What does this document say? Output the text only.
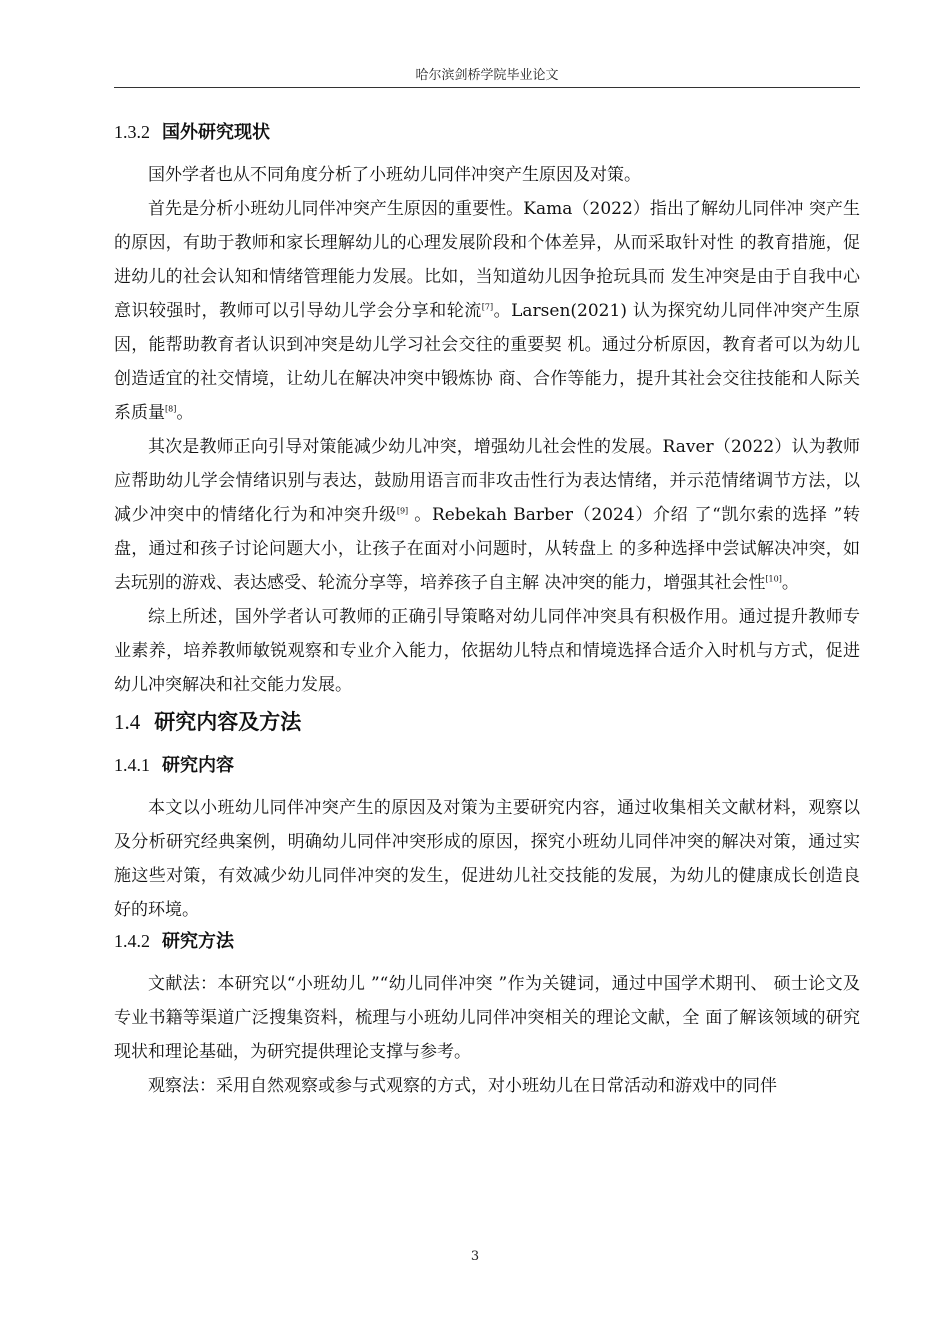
哈尔滨剑桥学院毕业论文
1.3.2 国外研究现状

国外学者也从不同角度分析了小班幼儿同伴冲突产生原因及对策。

首先是分析小班幼儿同伴冲突产生原因的重要性。Kama（2022）指出了解幼儿同伴冲 突产生的原因，有助于教师和家长理解幼儿的心理发展阶段和个体差异，从而采取针对性 的教育措施，促进幼儿的社会认知和情绪管理能力发展。比如，当知道幼儿因争抢玩具而 发生冲突是由于自我中心意识较强时，教师可以引导幼儿学会分享和轮流[7]。Larsen(2021) 认为探究幼儿同伴冲突产生原因，能帮助教育者认识到冲突是幼儿学习社会交往的重要契 机。通过分析原因，教育者可以为幼儿创造适宜的社交情境，让幼儿在解决冲突中锻炼协 商、合作等能力，提升其社会交往技能和人际关系质量[8]。

其次是教师正向引导对策能减少幼儿冲突，增强幼儿社会性的发展。Raver（2022）认为教师应帮助幼儿学会情绪识别与表达，鼓励用语言而非攻击性行为表达情绪，并示范情绪调节方法，以减少冲突中的情绪化行为和冲突升级[9] 。Rebekah Barber（2024）介绍 了“凯尔索的选择 ”转盘，通过和孩子讨论问题大小，让孩子在面对小问题时，从转盘上 的多种选择中尝试解决冲突，如去玩别的游戏、表达感受、轮流分享等，培养孩子自主解 决冲突的能力，增强其社会性[10]。

综上所述，国外学者认可教师的正确引导策略对幼儿同伴冲突具有积极作用。通过提升教师专业素养，培养教师敏锐观察和专业介入能力，依据幼儿特点和情境选择合适介入时机与方式，促进幼儿冲突解决和社交能力发展。

1.4 研究内容及方法
1.4.1 研究内容

本文以小班幼儿同伴冲突产生的原因及对策为主要研究内容，通过收集相关文献材料，观察以及分析研究经典案例，明确幼儿同伴冲突形成的原因，探究小班幼儿同伴冲突的解决对策，通过实施这些对策，有效减少幼儿同伴冲突的发生，促进幼儿社交技能的发展，为幼儿的健康成长创造良好的环境。

1.4.2 研究方法

文献法：本研究以“小班幼儿 ”“幼儿同伴冲突 ”作为关键词，通过中国学术期刊、 硕士论文及专业书籍等渠道广泛搜集资料，梳理与小班幼儿同伴冲突相关的理论文献，全 面了解该领域的研究现状和理论基础，为研究提供理论支撑与参考。

观察法：采用自然观察或参与式观察的方式，对小班幼儿在日常活动和游戏中的同伴

3
